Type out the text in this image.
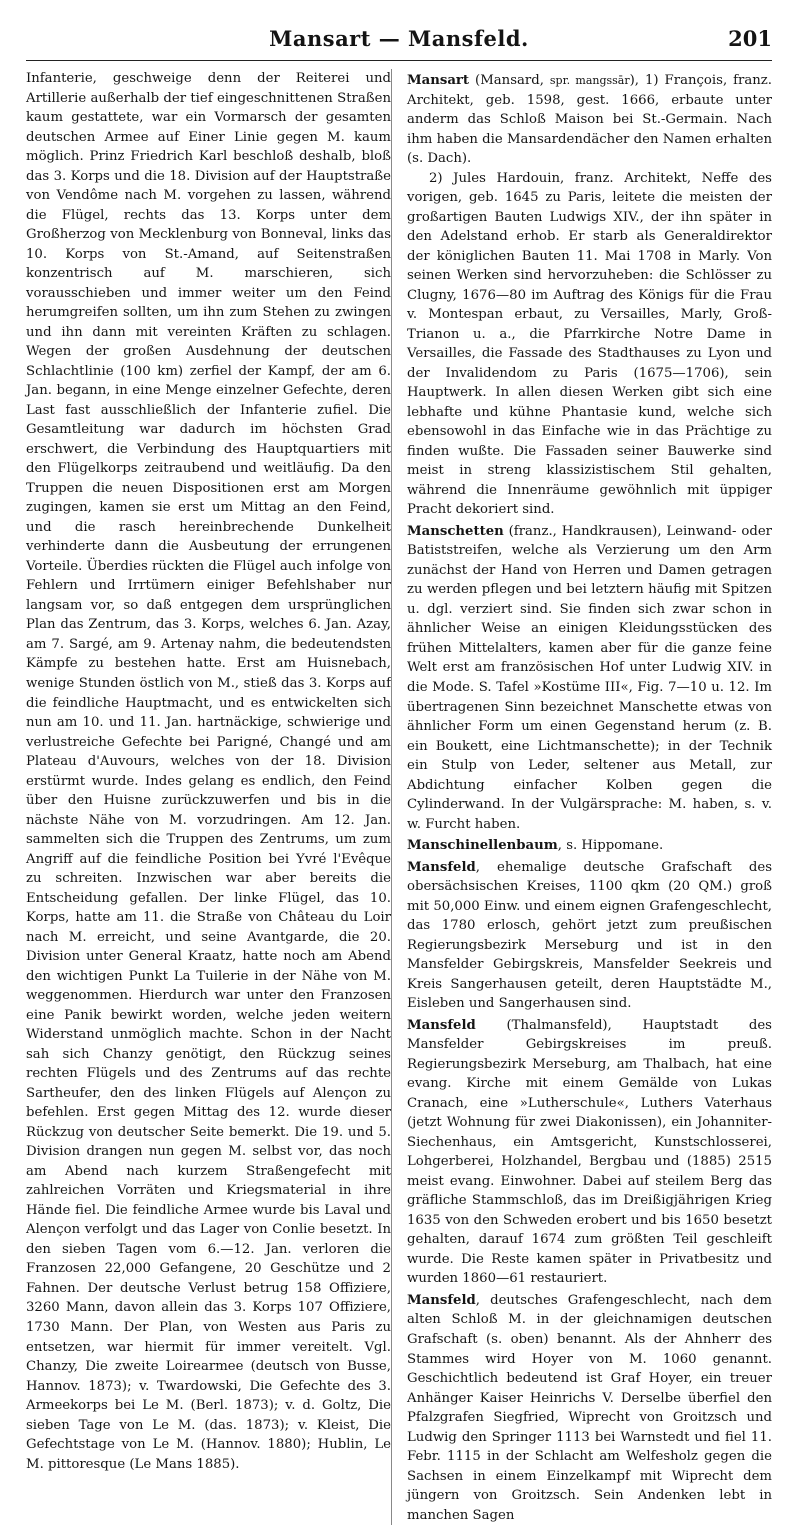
Mansart — Mansfeld.	201

Infanterie, geschweige denn der Reiterei und Artillerie außerhalb der tief eingeschnittenen Straßen kaum gestattete, war ein Vormarsch der gesamten deutschen Armee auf Einer Linie gegen M. kaum möglich. Prinz Friedrich Karl beschloß deshalb, bloß das 3. Korps und die 18. Division auf der Hauptstraße von Vendôme nach M. vorgehen zu lassen, während die Flügel, rechts das 13. Korps unter dem Großherzog von Mecklenburg von Bonneval, links das 10. Korps von St.-Amand, auf Seitenstraßen konzentrisch auf M. marschieren, sich vorausschieben und immer weiter um den Feind herumgreifen sollten, um ihn zum Stehen zu zwingen und ihn dann mit vereinten Kräften zu schlagen. Wegen der großen Ausdehnung der deutschen Schlachtlinie (100 km) zerfiel der Kampf, der am 6. Jan. begann, in eine Menge einzelner Gefechte, deren Last fast ausschließlich der Infanterie zufiel. Die Gesamtleitung war dadurch im höchsten Grad erschwert, die Verbindung des Hauptquartiers mit den Flügelkorps zeitraubend und weitläufig. Da den Truppen die neuen Dispositionen erst am Morgen zugingen, kamen sie erst um Mittag an den Feind, und die rasch hereinbrechende Dunkelheit verhinderte dann die Ausbeutung der errungenen Vorteile. Überdies rückten die Flügel auch infolge von Fehlern und Irrtümern einiger Befehlshaber nur langsam vor, so daß entgegen dem ursprünglichen Plan das Zentrum, das 3. Korps, welches 6. Jan. Azay, am 7. Sargé, am 9. Artenay nahm, die bedeutendsten Kämpfe zu bestehen hatte. Erst am Huisnebach, wenige Stunden östlich von M., stieß das 3. Korps auf die feindliche Hauptmacht, und es entwickelten sich nun am 10. und 11. Jan. hartnäckige, schwierige und verlustreiche Gefechte bei Parigné, Changé und am Plateau d'Auvours, welches von der 18. Division erstürmt wurde. Indes gelang es endlich, den Feind über den Huisne zurückzuwerfen und bis in die nächste Nähe von M. vorzudringen. Am 12. Jan. sammelten sich die Truppen des Zentrums, um zum Angriff auf die feindliche Position bei Yvré l'Evêque zu schreiten. Inzwischen war aber bereits die Entscheidung gefallen. Der linke Flügel, das 10. Korps, hatte am 11. die Straße von Château du Loir nach M. erreicht, und seine Avantgarde, die 20. Division unter General Kraatz, hatte noch am Abend den wichtigen Punkt La Tuilerie in der Nähe von M. weggenommen. Hierdurch war unter den Franzosen eine Panik bewirkt worden, welche jeden weitern Widerstand unmöglich machte. Schon in der Nacht sah sich Chanzy genötigt, den Rückzug seines rechten Flügels und des Zentrums auf das rechte Sartheufer, den des linken Flügels auf Alençon zu befehlen. Erst gegen Mittag des 12. wurde dieser Rückzug von deutscher Seite bemerkt. Die 19. und 5. Division drangen nun gegen M. selbst vor, das noch am Abend nach kurzem Straßengefecht mit zahlreichen Vorräten und Kriegsmaterial in ihre Hände fiel. Die feindliche Armee wurde bis Laval und Alençon verfolgt und das Lager von Conlie besetzt. In den sieben Tagen vom 6.—12. Jan. verloren die Franzosen 22,000 Gefangene, 20 Geschütze und 2 Fahnen. Der deutsche Verlust betrug 158 Offiziere, 3260 Mann, davon allein das 3. Korps 107 Offiziere, 1730 Mann. Der Plan, von Westen aus Paris zu entsetzen, war hiermit für immer vereitelt. Vgl. Chanzy, Die zweite Loirearmee (deutsch von Busse, Hannov. 1873); v. Twardowski, Die Gefechte des 3. Armeekorps bei Le M. (Berl. 1873); v. d. Goltz, Die sieben Tage von Le M. (das. 1873); v. Kleist, Die Gefechtstage von Le M. (Hannov. 1880); Hublin, Le M. pittoresque (Le Mans 1885).

Mansart (Mansard, spr. mangssār), 1) François, franz. Architekt, geb. 1598, gest. 1666, erbaute unter anderm das Schloß Maison bei St.-Germain. Nach ihm haben die Mansardendächer den Namen erhalten (s. Dach).

2) Jules Hardouin, franz. Architekt, Neffe des vorigen, geb. 1645 zu Paris, leitete die meisten der großartigen Bauten Ludwigs XIV., der ihn später in den Adelstand erhob. Er starb als Generaldirektor der königlichen Bauten 11. Mai 1708 in Marly. Von seinen Werken sind hervorzuheben: die Schlösser zu Clugny, 1676—80 im Auftrag des Königs für die Frau v. Montespan erbaut, zu Versailles, Marly, Groß-Trianon u. a., die Pfarrkirche Notre Dame in Versailles, die Fassade des Stadthauses zu Lyon und der Invalidendom zu Paris (1675—1706), sein Hauptwerk. In allen diesen Werken gibt sich eine lebhafte und kühne Phantasie kund, welche sich ebensowohl in das Einfache wie in das Prächtige zu finden wußte. Die Fassaden seiner Bauwerke sind meist in streng klassizistischem Stil gehalten, während die Innenräume gewöhnlich mit üppiger Pracht dekoriert sind.

Manschetten (franz., Handkrausen), Leinwand- oder Batiststreifen, welche als Verzierung um den Arm zunächst der Hand von Herren und Damen getragen zu werden pflegen und bei letztern häufig mit Spitzen u. dgl. verziert sind. Sie finden sich zwar schon in ähnlicher Weise an einigen Kleidungsstücken des frühen Mittelalters, kamen aber für die ganze feine Welt erst am französischen Hof unter Ludwig XIV. in die Mode. S. Tafel »Kostüme III«, Fig. 7—10 u. 12. Im übertragenen Sinn bezeichnet Manschette etwas von ähnlicher Form um einen Gegenstand herum (z. B. ein Boukett, eine Lichtmanschette); in der Technik ein Stulp von Leder, seltener aus Metall, zur Abdichtung einfacher Kolben gegen die Cylinderwand. In der Vulgärsprache: M. haben, s. v. w. Furcht haben.

Manschinellenbaum, s. Hippomane.

Mansfeld, ehemalige deutsche Grafschaft des obersächsischen Kreises, 1100 qkm (20 QM.) groß mit 50,000 Einw. und einem eignen Grafengeschlecht, das 1780 erlosch, gehört jetzt zum preußischen Regierungsbezirk Merseburg und ist in den Mansfelder Gebirgskreis, Mansfelder Seekreis und Kreis Sangerhausen geteilt, deren Hauptstädte M., Eisleben und Sangerhausen sind.

Mansfeld (Thalmansfeld), Hauptstadt des Mansfelder Gebirgskreises im preuß. Regierungsbezirk Merseburg, am Thalbach, hat eine evang. Kirche mit einem Gemälde von Lukas Cranach, eine »Lutherschule«, Luthers Vaterhaus (jetzt Wohnung für zwei Diakonissen), ein Johanniter-Siechenhaus, ein Amtsgericht, Kunstschlosserei, Lohgerberei, Holzhandel, Bergbau und (1885) 2515 meist evang. Einwohner. Dabei auf steilem Berg das gräfliche Stammschloß, das im Dreißigjährigen Krieg 1635 von den Schweden erobert und bis 1650 besetzt gehalten, darauf 1674 zum größten Teil geschleift wurde. Die Reste kamen später in Privatbesitz und wurden 1860—61 restauriert.

Mansfeld, deutsches Grafengeschlecht, nach dem alten Schloß M. in der gleichnamigen deutschen Grafschaft (s. oben) benannt. Als der Ahnherr des Stammes wird Hoyer von M. 1060 genannt. Geschichtlich bedeutend ist Graf Hoyer, ein treuer Anhänger Kaiser Heinrichs V. Derselbe überfiel den Pfalzgrafen Siegfried, Wiprecht von Groitzsch und Ludwig den Springer 1113 bei Warnstedt und fiel 11. Febr. 1115 in der Schlacht am Welfesholz gegen die Sachsen in einem Einzelkampf mit Wiprecht dem jüngern von Groitzsch. Sein Andenken lebt in manchen Sagen
